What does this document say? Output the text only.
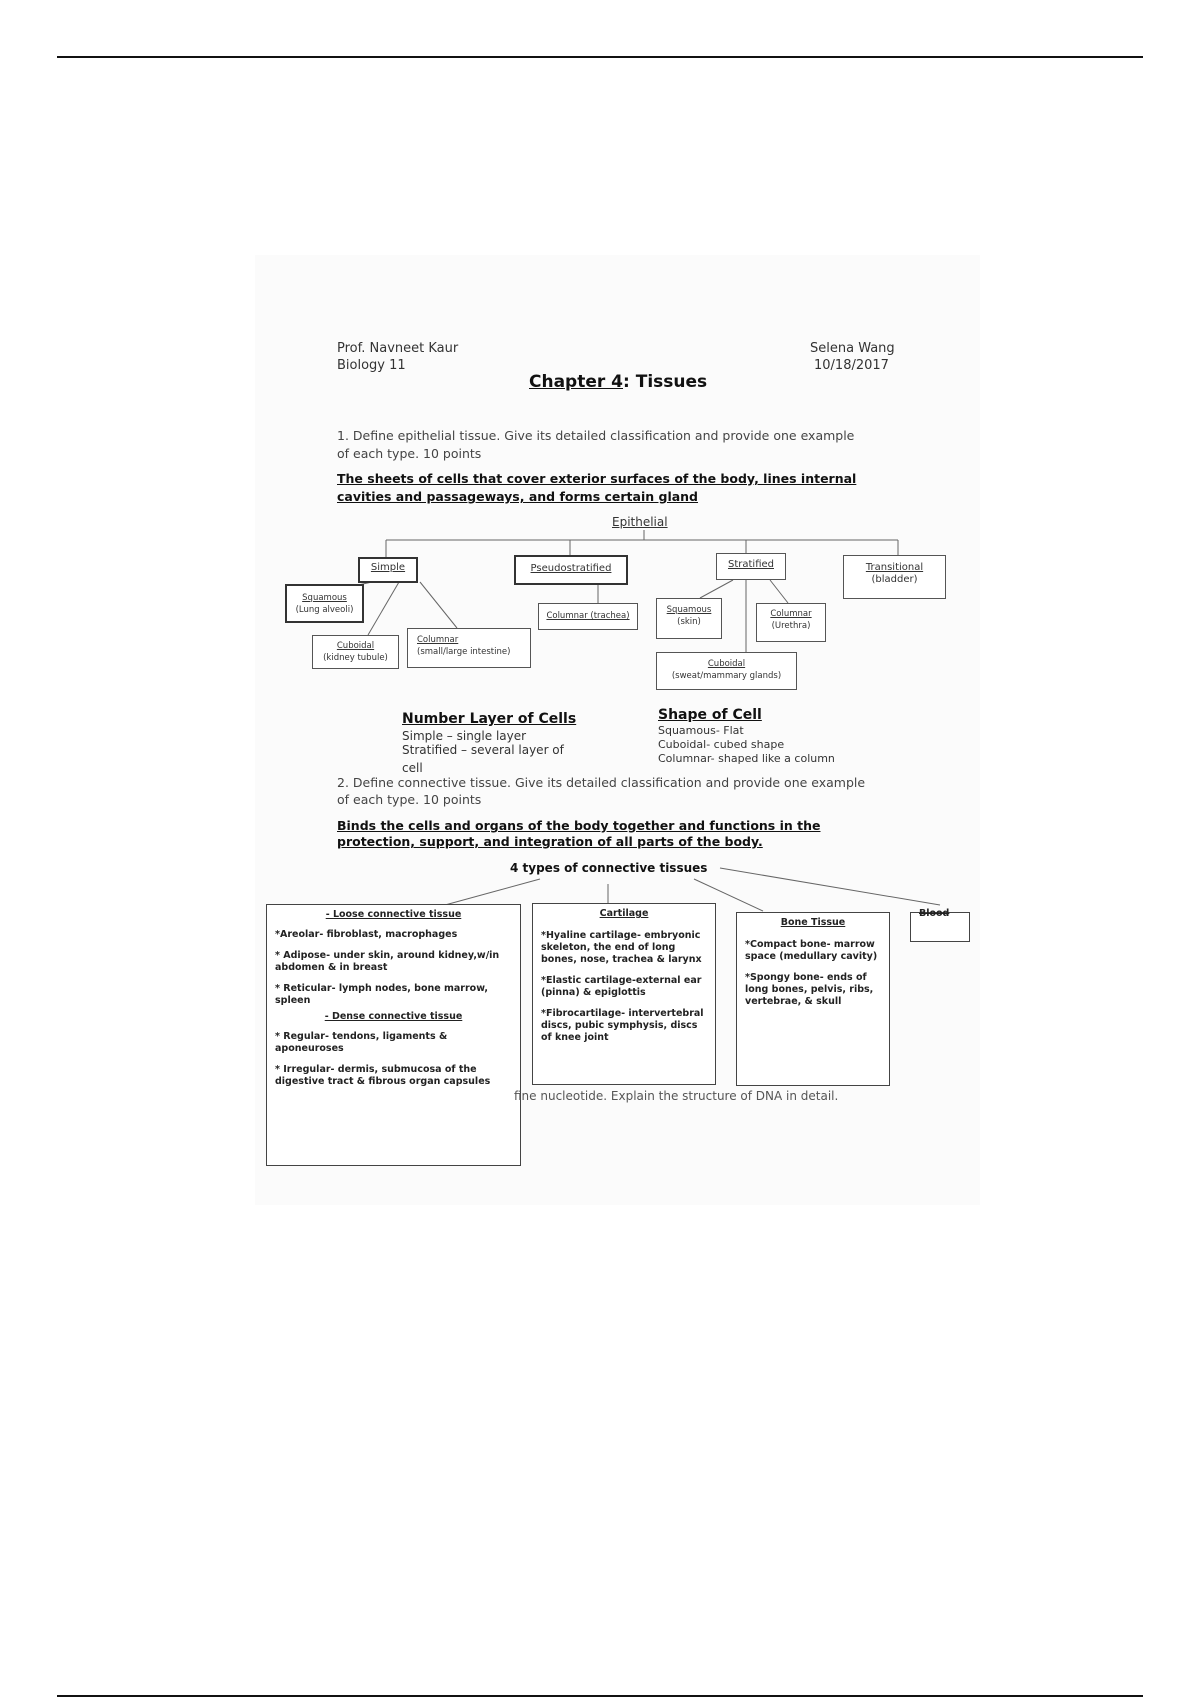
Prof. Navneet Kaur
Biology 11
Selena Wang
10/18/2017
Chapter 4: Tissues
1. Define epithelial tissue. Give its detailed classification and provide one example
of each type. 10 points
The sheets of cells that cover exterior surfaces of the body, lines internal
cavities and passageways, and forms certain gland
Epithelial
Simple	Pseudostratified	Stratified	Transitional
(bladder)
Squamous
(Lung alveoli)
Cuboidal
(kidney tubule)
Columnar
(small/large intestine)
Columnar (trachea)
Squamous
(skin)
Columnar
(Urethra)
Cuboidal
(sweat/mammary glands)
Number Layer of Cells
Simple – single layer
Stratified – several layer of
cell
Shape of Cell
Squamous- Flat
Cuboidal- cubed shape
Columnar- shaped like a column
2. Define connective tissue. Give its detailed classification and provide one example
of each type. 10 points
Binds the cells and organs of the body together and functions in the
protection, support, and integration of all parts of the body.
4 types of connective tissues
- Loose connective tissue

*Areolar- fibroblast, macrophages

* Adipose- under skin, around kidney,w/in abdomen & in breast

* Reticular- lymph nodes, bone marrow, spleen

- Dense connective tissue

* Regular- tendons, ligaments & aponeuroses

* Irregular- dermis, submucosa of the digestive tract & fibrous organ capsules

Cartilage

*Hyaline cartilage- embryonic skeleton, the end of long bones, nose, trachea & larynx

*Elastic cartilage-external ear (pinna) & epiglottis

*Fibrocartilage- intervertebral discs, pubic symphysis, discs of knee joint

Bone Tissue

*Compact bone- marrow space (medullary cavity)

*Spongy bone- ends of long bones, pelvis, ribs, vertebrae, & skull

Blood
fine nucleotide. Explain the structure of DNA in detail.
